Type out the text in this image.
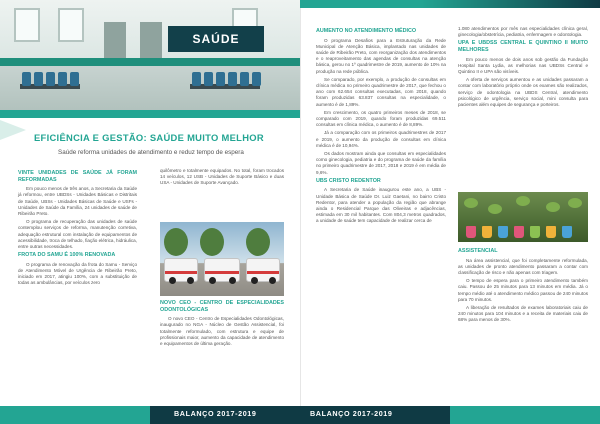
SAÚDE
EFICIÊNCIA E GESTÃO: SAÚDE MUITO MELHOR
Saúde reforma unidades de atendimento e reduz tempo de espera
VINTE UNIDADES DE SAÚDE JÁ FORAM REFORMADAS

Em pouco menos de três anos, a Secretaria da Saúde já reformou, entre UBDSs - Unidades Básicas e Distritais de Saúde, UBSs - Unidades Básicas de Saúde e USFs - Unidades de Saúde da Família, 24 unidades de saúde de Ribeirão Preto.

O programa de recuperação das unidades de saúde contemplou serviços de reforma, manutenção corretiva, adequação estrutural com instalação de equipamentos de acessibilidade, troca de telhado, fiação elétrica, hidráulica, entre outras necessidades.

FROTA DO SAMU É 100% RENOVADA

O programa de renovação da frota do Samu - Serviço de Atendimento Móvel de Urgência de Ribeirão Preto, iniciado em 2017, atingiu 100%, com a substituição de todas as ambulâncias, por veículos zero

quilômetro e totalmente equipados. No total, foram trocados 14 veículos, 12 USB - Unidades de Suporte Básico e duas USA - Unidades de Suporte Avançado.

NOVO CEO - CENTRO DE ESPECIALIDADES ODONTOLÓGICAS

O novo CEO - Centro de Especialidades Odontológicas, inaugurado no NGA - Núcleo de Gestão Assistencial, foi totalmente reformulado, com estrutura e equipe de profissionais maior, aumento da capacidade de atendimento e equipamentos de última geração.

AUMENTO NO ATENDIMENTO MÉDICO

O programa Desafios para a Estruturação da Rede Municipal de Atenção Básica, implantado nas unidades de saúde de Ribeirão Preto, com reorganização dos atendimentos e o reaproveitamento das agendas de consultas na atenção básica, gerou no 1º quadrimestre de 2019, aumento de 10% na produção na rede pública.

Se comparado, por exemplo, a produção de consultas em clínica médica no primeiro quadrimestre de 2017, que fechou o ano com 62.654 consultas executadas, com 2018, quando foram produzidas 63.837 consultas na especialidade, o aumento é de 1,89%.

Em crescimento, os quatro primeiros meses de 2018, se comparado com 2019, quando foram produzidas 69.511 consultas em clínica médica, o aumento é de 8,89%.

Já a comparação com os primeiros quadrimestres de 2017 e 2019, o aumento da produção de consultas em clínica médica é de 10,94%.

Os dados mostram ainda que consultas em especialidades como ginecologia, pediatria e do programa de saúde da família no primeiro quadrimestre de 2017, 2018 e 2019 é em média de 9,6%.

UBS CRISTO REDENTOR

A Secretaria de Saúde inaugurou este ano, a UBS - Unidade Básica de Saúde Dr. Luiz Gaetani, no bairro Cristo Redentor, para atender a população da região que abrange ainda o Residencial Parque das Oliveiras e adjacências, estimada em 30 mil habitantes. Com 804,3 metros quadrados, a unidade de saúde tem capacidade de realizar cerca de

1.080 atendimentos por mês nas especialidades clínica geral, ginecologia/obstetrícia, pediatria, enfermagem e odontologia.

UPA E UBDSS CENTRAL E QUINTINO II MUITO MELHORES

Em pouco menos de dois anos sob gestão da Fundação Hospital Santa Lydia, as melhorias nas UBDSs Central e Quintino II e UPA são visíveis.

A oferta de serviços aumentou e as unidades passaram a contar com laboratório próprio onde os exames são realizados, serviço de odontologia na UBDS Central, atendimento psicológico de urgência, serviço social, mini consulta para pacientes além equipes de segurança e porteiros.

ASSISTENCIAL

Na área assistencial, que foi completamente reformulada, as unidades de pronto atendimento passaram a contar com classificação de risco e não apenas com triagem.

O tempo de espera para o primeiro atendimento também caiu. Passou de 25 minutos para 13 minutos em média. Já o tempo médio até o atendimento médico passou de 240 minutos para 70 minutos.

A liberação de resultados de exames laboratoriais caiu de 240 minutos para 104 minutos e a receita de materiais caiu de 68% para menos de 30%.

BALANÇO 2017-2019	BALANÇO 2017-2019
